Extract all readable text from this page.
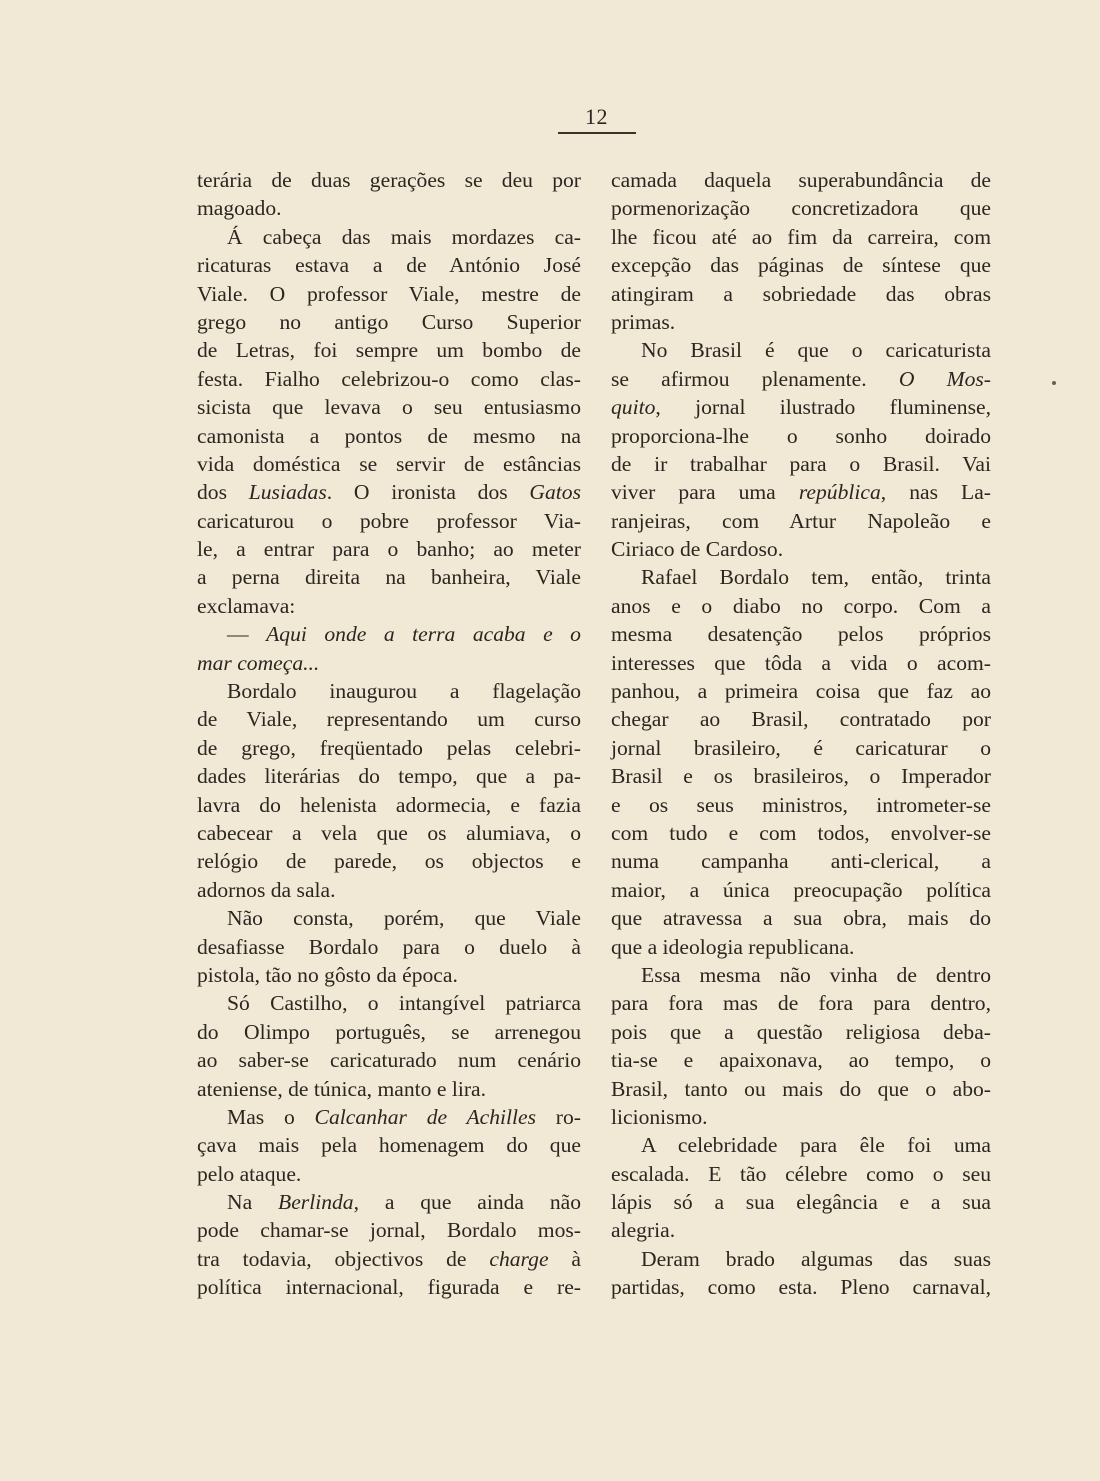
12
terária de duas gerações se deu por
magoado.
Á cabeça das mais mordazes ca-
ricaturas estava a de António José
Viale. O professor Viale, mestre de
grego no antigo Curso Superior
de Letras, foi sempre um bombo de
festa. Fialho celebrizou-o como clas-
sicista que levava o seu entusiasmo
camonista a pontos de mesmo na
vida doméstica se servir de estâncias
dos Lusiadas. O ironista dos Gatos
caricaturou o pobre professor Via-
le, a entrar para o banho; ao meter
a perna direita na banheira, Viale
exclamava:
— Aqui onde a terra acaba e o
mar começa...
Bordalo inaugurou a flagelação
de Viale, representando um curso
de grego, freqüentado pelas celebri-
dades literárias do tempo, que a pa-
lavra do helenista adormecia, e fazia
cabecear a vela que os alumiava, o
relógio de parede, os objectos e
adornos da sala.
Não consta, porém, que Viale
desafiasse Bordalo para o duelo à
pistola, tão no gôsto da época.
Só Castilho, o intangível patriarca
do Olimpo português, se arrenegou
ao saber-se caricaturado num cenário
ateniense, de túnica, manto e lira.
Mas o Calcanhar de Achilles ro-
çava mais pela homenagem do que
pelo ataque.
Na Berlinda, a que ainda não
pode chamar-se jornal, Bordalo mos-
tra todavia, objectivos de charge à
política internacional, figurada e re-
camada daquela superabundância de
pormenorização concretizadora que
lhe ficou até ao fim da carreira, com
excepção das páginas de síntese que
atingiram a sobriedade das obras
primas.
No Brasil é que o caricaturista
se afirmou plenamente. O Mos-
quito, jornal ilustrado fluminense,
proporciona-lhe o sonho doirado
de ir trabalhar para o Brasil. Vai
viver para uma república, nas La-
ranjeiras, com Artur Napoleão e
Ciriaco de Cardoso.
Rafael Bordalo tem, então, trinta
anos e o diabo no corpo. Com a
mesma desatenção pelos próprios
interesses que tôda a vida o acom-
panhou, a primeira coisa que faz ao
chegar ao Brasil, contratado por
jornal brasileiro, é caricaturar o
Brasil e os brasileiros, o Imperador
e os seus ministros, intrometer-se
com tudo e com todos, envolver-se
numa campanha anti-clerical, a
maior, a única preocupação política
que atravessa a sua obra, mais do
que a ideologia republicana.
Essa mesma não vinha de dentro
para fora mas de fora para dentro,
pois que a questão religiosa deba-
tia-se e apaixonava, ao tempo, o
Brasil, tanto ou mais do que o abo-
licionismo.
A celebridade para êle foi uma
escalada. E tão célebre como o seu
lápis só a sua elegância e a sua
alegria.
Deram brado algumas das suas
partidas, como esta. Pleno carnaval,
